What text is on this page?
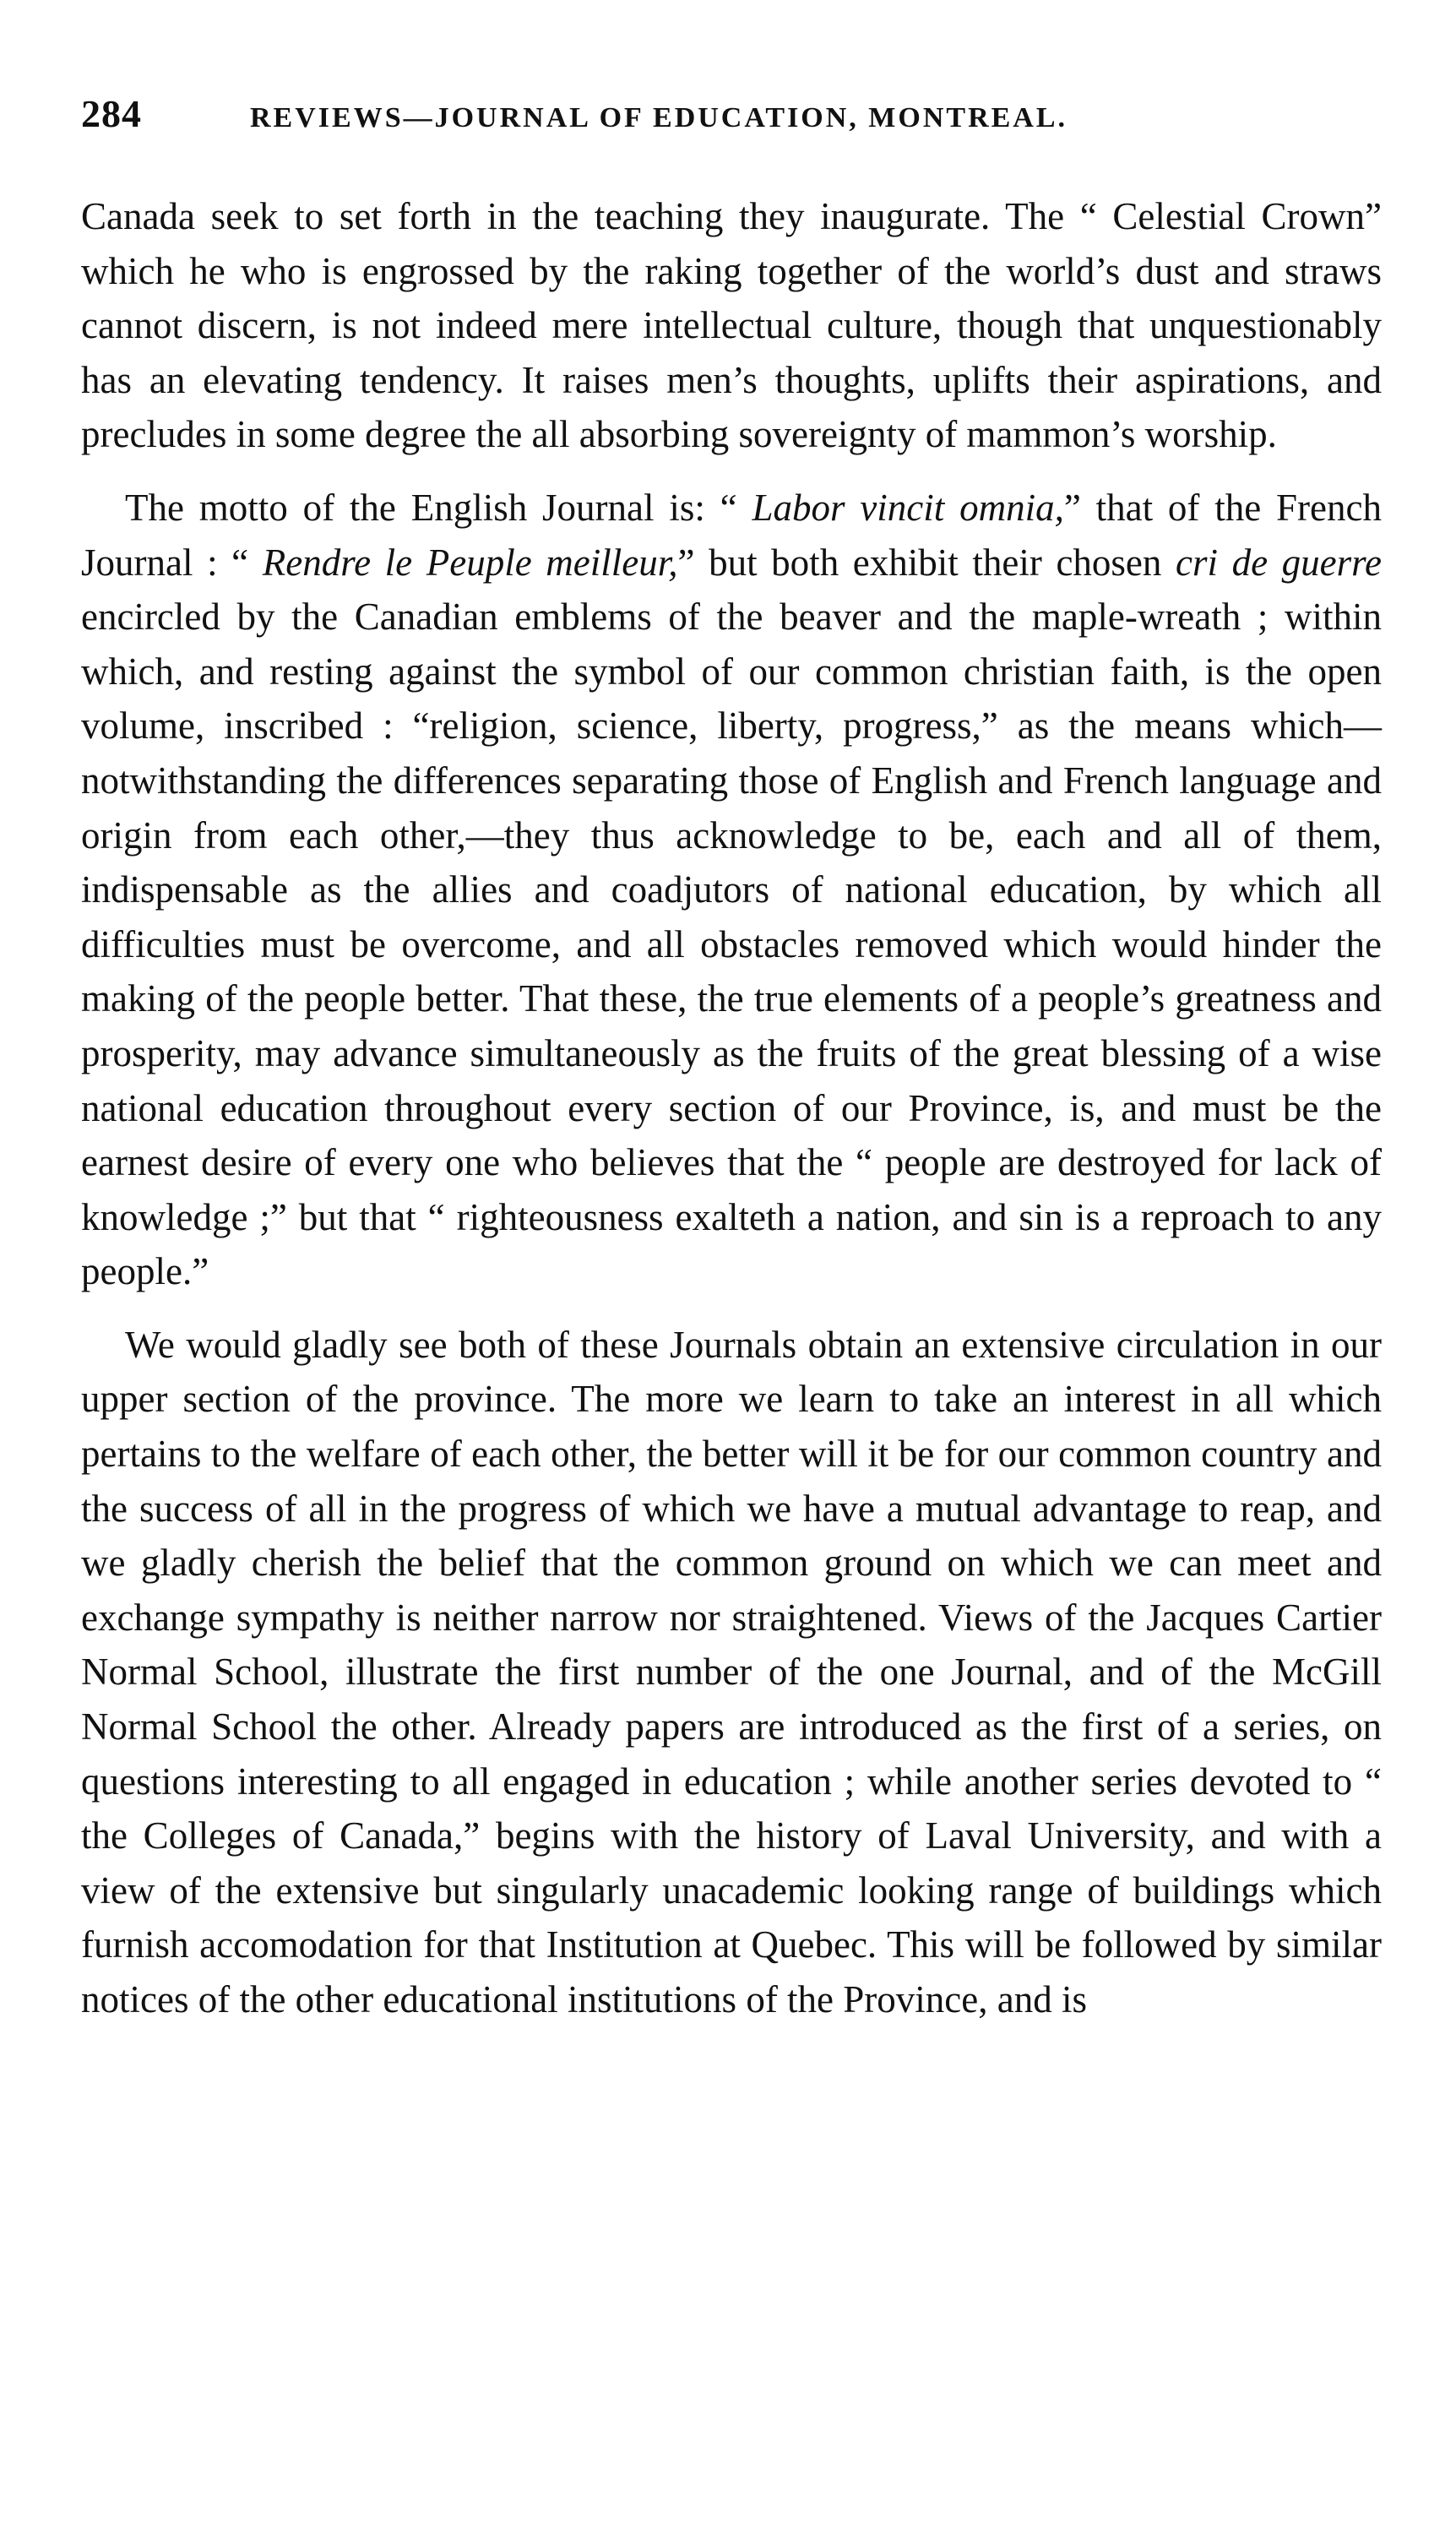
284	REVIEWS—JOURNAL OF EDUCATION, MONTREAL.

Canada seek to set forth in the teaching they inaugurate. The “ Celestial Crown” which he who is engrossed by the raking together of the world’s dust and straws cannot discern, is not indeed mere intellectual culture, though that unquestionably has an elevating tendency. It raises men’s thoughts, uplifts their aspirations, and precludes in some degree the all absorbing sovereignty of mammon’s worship.

The motto of the English Journal is: “ Labor vincit omnia,” that of the French Journal : “ Rendre le Peuple meilleur,” but both exhibit their chosen cri de guerre encircled by the Canadian emblems of the beaver and the maple-wreath ; within which, and resting against the symbol of our common christian faith, is the open volume, inscribed : “religion, science, liberty, progress,” as the means which—notwithstanding the differences separating those of English and French language and origin from each other,—they thus acknowledge to be, each and all of them, indispensable as the allies and coadjutors of national education, by which all difficulties must be overcome, and all obstacles removed which would hinder the making of the people better. That these, the true elements of a people’s greatness and prosperity, may advance simultaneously as the fruits of the great blessing of a wise national education throughout every section of our Province, is, and must be the earnest desire of every one who believes that the “ people are destroyed for lack of knowledge ;” but that “ righteousness exalteth a nation, and sin is a reproach to any people.”

We would gladly see both of these Journals obtain an extensive circulation in our upper section of the province. The more we learn to take an interest in all which pertains to the welfare of each other, the better will it be for our common country and the success of all in the progress of which we have a mutual advantage to reap, and we gladly cherish the belief that the common ground on which we can meet and exchange sympathy is neither narrow nor straightened. Views of the Jacques Cartier Normal School, illustrate the first number of the one Journal, and of the McGill Normal School the other. Already papers are introduced as the first of a series, on questions interesting to all engaged in education ; while another series devoted to “ the Colleges of Canada,” begins with the history of Laval University, and with a view of the extensive but singularly unacademic looking range of buildings which furnish accomodation for that Institution at Quebec. This will be followed by similar notices of the other educational institutions of the Province, and is
